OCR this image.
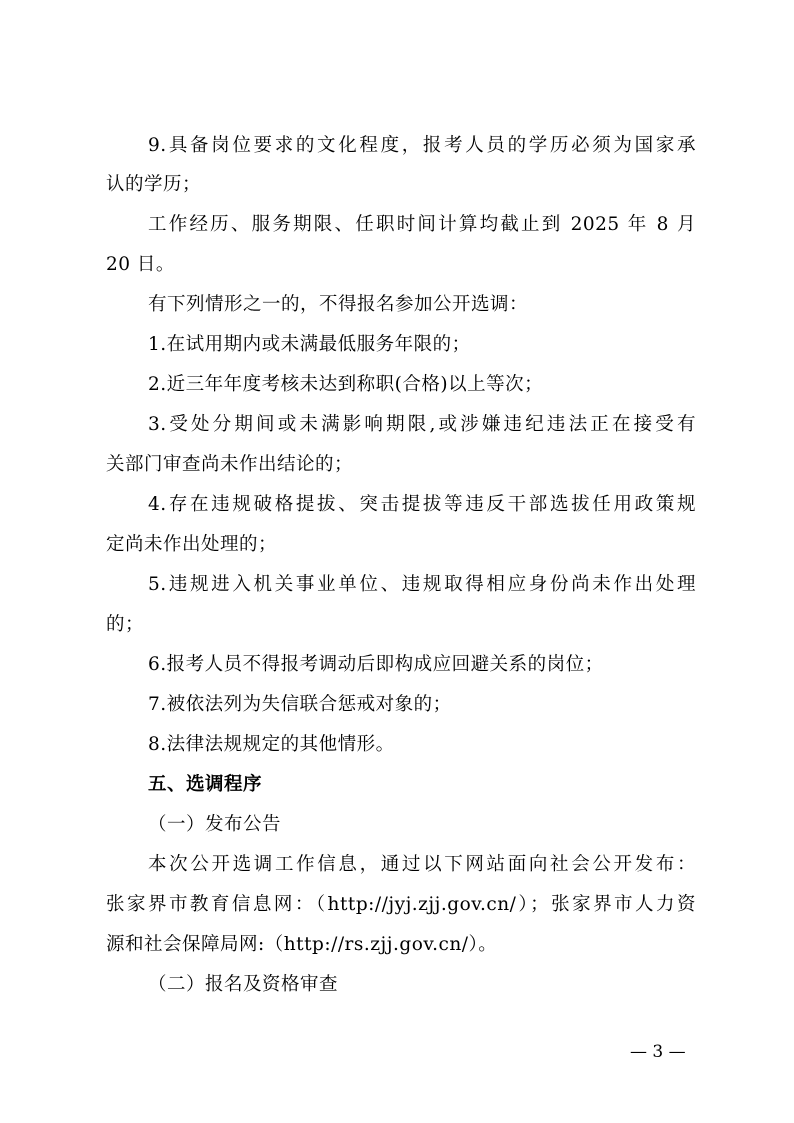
9.具备岗位要求的文化程度，报考人员的学历必须为国家承
认的学历；
工作经历、服务期限、任职时间计算均截止到 2025 年 8 月
20 日。
有下列情形之一的，不得报名参加公开选调：
1.在试用期内或未满最低服务年限的；
2.近三年年度考核未达到称职(合格)以上等次；
3.受处分期间或未满影响期限,或涉嫌违纪违法正在接受有
关部门审查尚未作出结论的；
4.存在违规破格提拔、突击提拔等违反干部选拔任用政策规
定尚未作出处理的；
5.违规进入机关事业单位、违规取得相应身份尚未作出处理
的；
6.报考人员不得报考调动后即构成应回避关系的岗位；
7.被依法列为失信联合惩戒对象的；
8.法律法规规定的其他情形。
五、选调程序
（一）发布公告
本次公开选调工作信息，通过以下网站面向社会公开发布：
张家界市教育信息网：（http://jyj.zjj.gov.cn/）；张家界市人力资
源和社会保障局网:（http://rs.zjj.gov.cn/）。
（二）报名及资格审查
— 3 —
